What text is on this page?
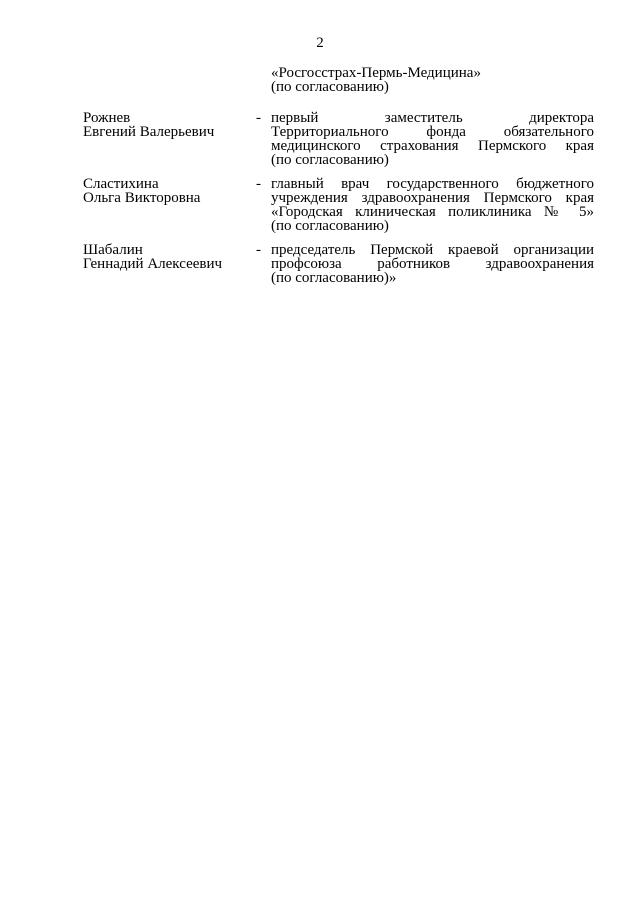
2
«Росгосстрах-Пермь-Медицина»
(по согласованию)
Рожнев
Евгений Валерьевич
- первый заместитель директора
Территориального фонда обязательного
медицинского страхования Пермского края
(по согласованию)
Сластихина
Ольга Викторовна
- главный врач государственного бюджетного
учреждения здравоохранения Пермского края
«Городская клиническая поликлиника № 5»
(по согласованию)
Шабалин
Геннадий Алексеевич
- председатель Пермской краевой организации
профсоюза работников здравоохранения
(по согласованию)»
